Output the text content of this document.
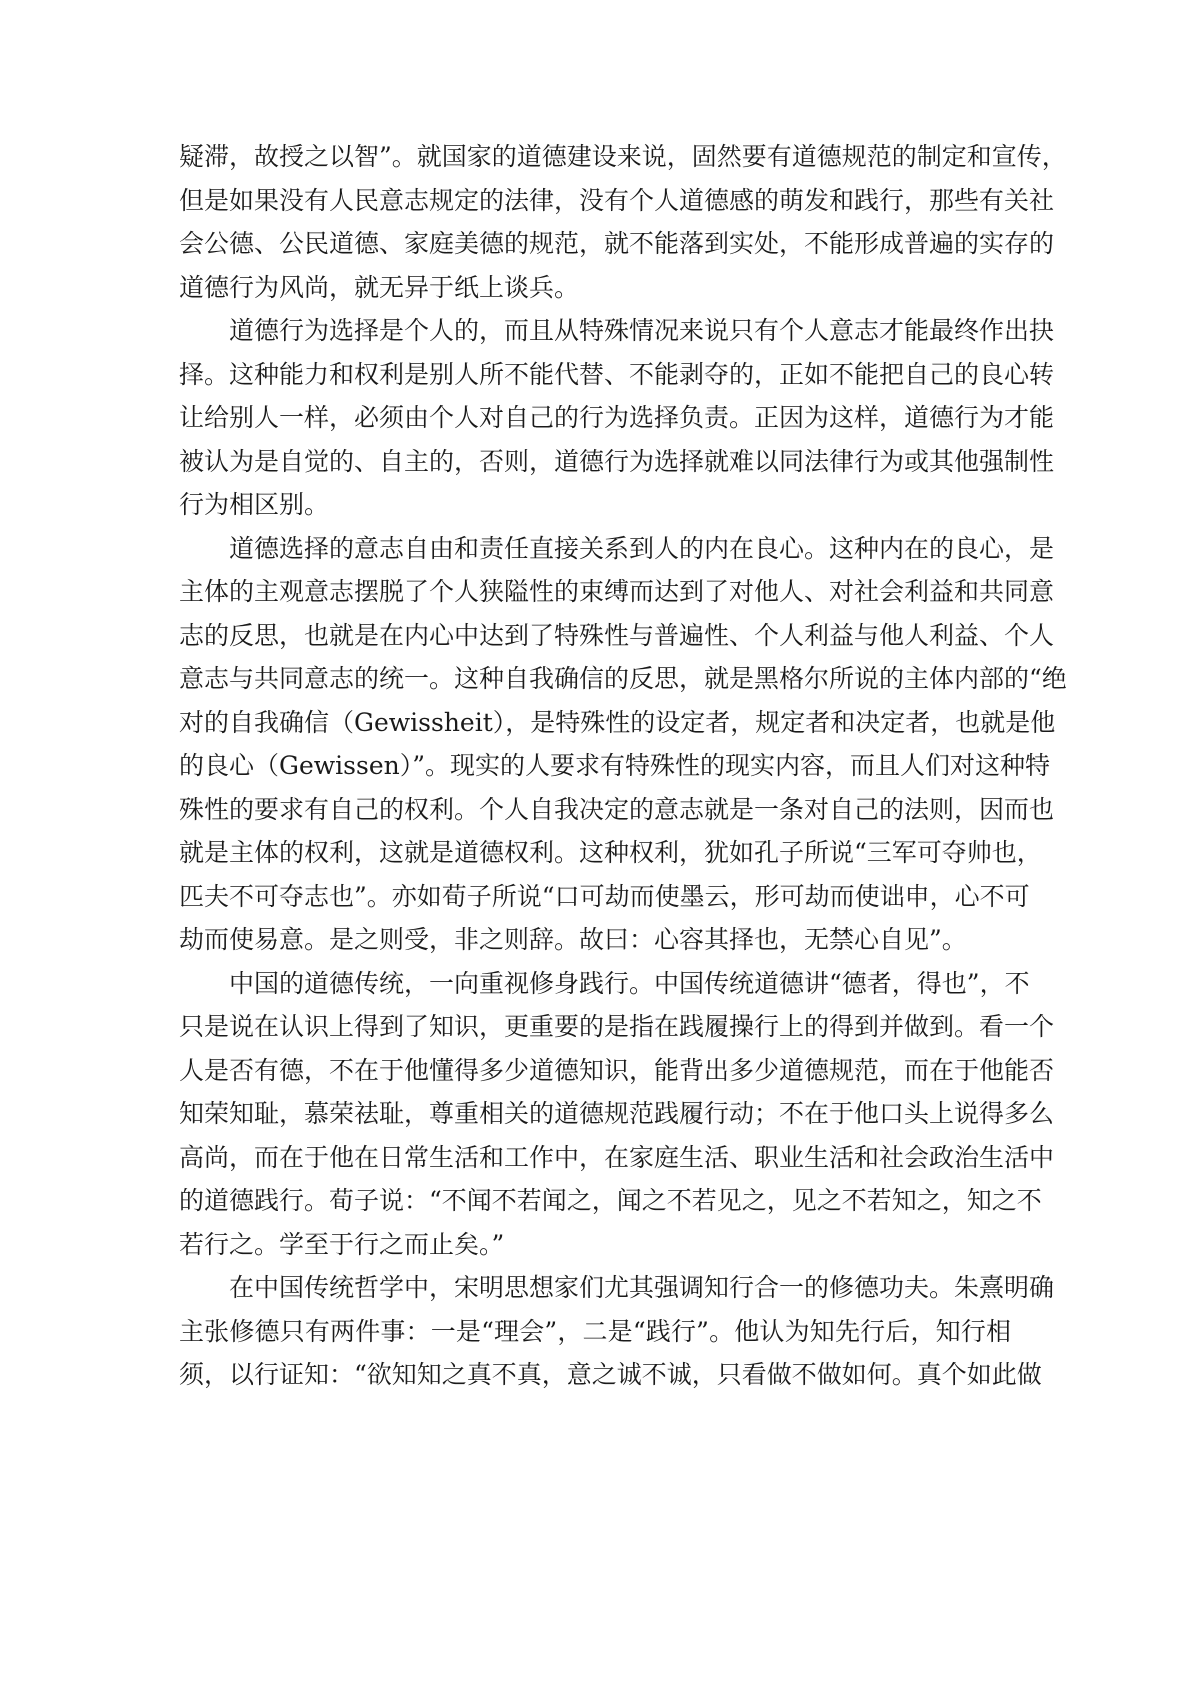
疑滞，故授之以智”。就国家的道德建设来说，固然要有道德规范的制定和宣传，
但是如果没有人民意志规定的法律，没有个人道德感的萌发和践行，那些有关社
会公德、公民道德、家庭美德的规范，就不能落到实处，不能形成普遍的实存的
道德行为风尚，就无异于纸上谈兵。
道德行为选择是个人的，而且从特殊情况来说只有个人意志才能最终作出抉
择。这种能力和权利是别人所不能代替、不能剥夺的，正如不能把自己的良心转
让给别人一样，必须由个人对自己的行为选择负责。正因为这样，道德行为才能
被认为是自觉的、自主的，否则，道德行为选择就难以同法律行为或其他强制性
行为相区别。
道德选择的意志自由和责任直接关系到人的内在良心。这种内在的良心，是
主体的主观意志摆脱了个人狭隘性的束缚而达到了对他人、对社会利益和共同意
志的反思，也就是在内心中达到了特殊性与普遍性、个人利益与他人利益、个人
意志与共同意志的统一。这种自我确信的反思，就是黑格尔所说的主体内部的“绝
对的自我确信（Gewissheit），是特殊性的设定者，规定者和决定者，也就是他
的良心（Gewissen）”。现实的人要求有特殊性的现实内容，而且人们对这种特
殊性的要求有自己的权利。个人自我决定的意志就是一条对自己的法则，因而也
就是主体的权利，这就是道德权利。这种权利，犹如孔子所说“三军可夺帅也，
匹夫不可夺志也”。亦如荀子所说“口可劫而使墨云，形可劫而使诎申，心不可
劫而使易意。是之则受，非之则辞。故曰：心容其择也，无禁心自见”。
中国的道德传统，一向重视修身践行。中国传统道德讲“德者，得也”，不
只是说在认识上得到了知识，更重要的是指在践履操行上的得到并做到。看一个
人是否有德，不在于他懂得多少道德知识，能背出多少道德规范，而在于他能否
知荣知耻，慕荣祛耻，尊重相关的道德规范践履行动；不在于他口头上说得多么
高尚，而在于他在日常生活和工作中，在家庭生活、职业生活和社会政治生活中
的道德践行。荀子说：“不闻不若闻之，闻之不若见之，见之不若知之，知之不
若行之。学至于行之而止矣。”
在中国传统哲学中，宋明思想家们尤其强调知行合一的修德功夫。朱熹明确
主张修德只有两件事：一是“理会”，二是“践行”。他认为知先行后，知行相
须，以行证知：“欲知知之真不真，意之诚不诚，只看做不做如何。真个如此做
